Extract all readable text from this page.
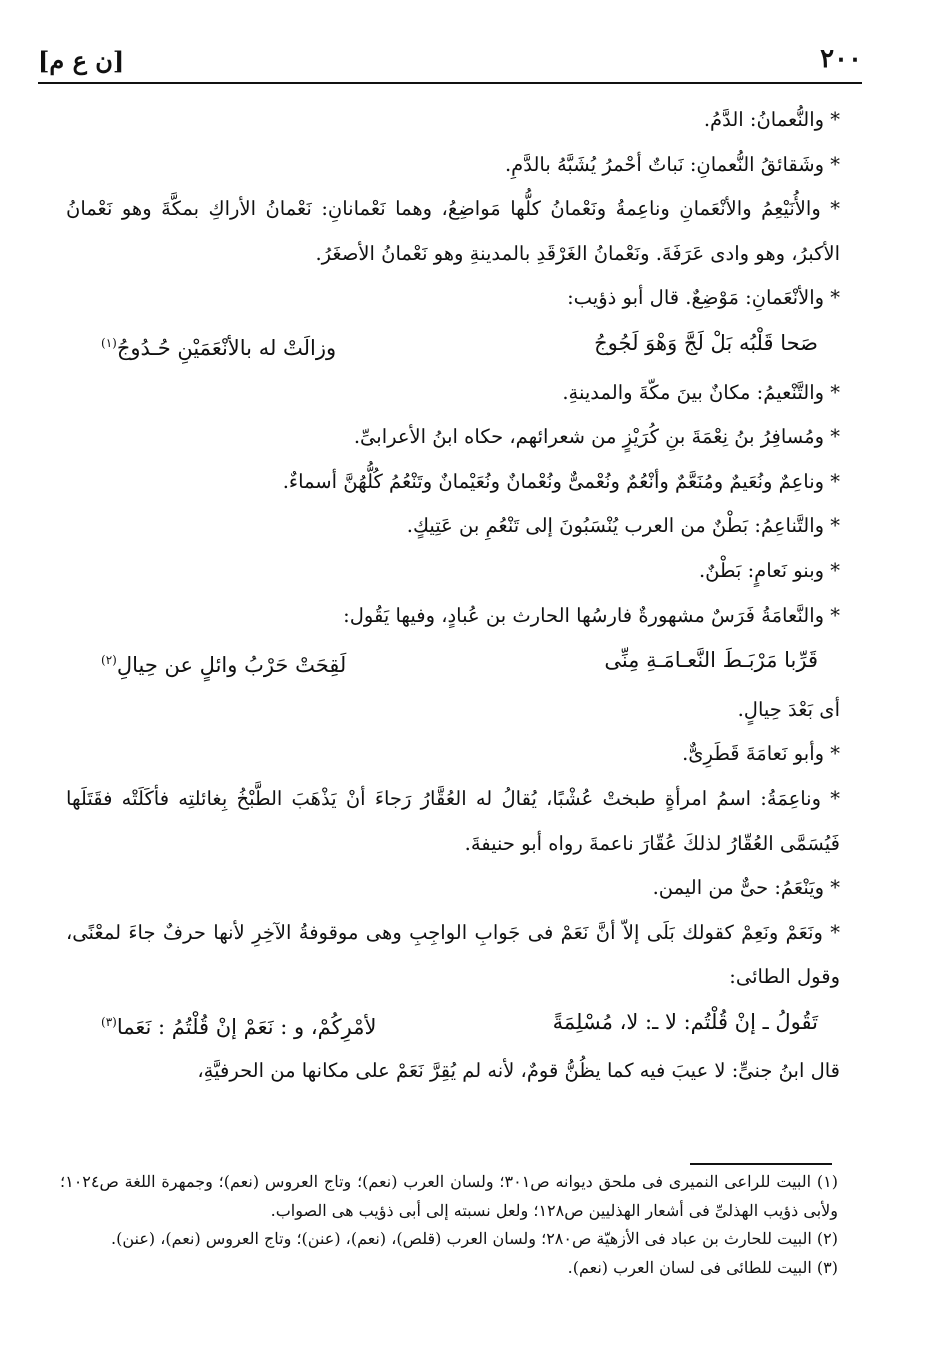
٢٠٠
[ن ع م]

* والنُّعمانُ: الدَّمُ.

* وشَقائقُ النُّعمانِ: نَباتٌ أحْمرُ يُشَبَّهُ بالدَّمِ.

* والأُنَيْعِمُ والأنْعَمانِ وناعِمةُ ونَعْمانُ كلُّها مَواضِعُ، وهما نَعْمانانِ: نَعْمانُ الأراكِ بمكَّةَ وهو نَعْمانُ الأكبرُ، وهو وادى عَرَفَةَ. ونَعْمانُ الغَرْقَدِ بالمدينةِ وهو نَعْمانُ الأصغَرُ.

* والأنْعَمانِ: مَوْضِعٌ. قال أبو ذؤيب:

صَحا قَلْبُه بَلْ لَجَّ وَهْوَ لَجُوجُ
وزالَتْ له بالأنْعَمَيْنِ حُـدُوجُ$^{(١)}$

* والتَّنْعيمُ: مكانٌ بينَ مكّةَ والمدينةِ.

* ومُسافِرُ بنُ نِعْمَةَ بنِ كُرَيْزٍ من شعرائهم، حكاه ابنُ الأعرابىِّ.

* وناعِمٌ ونُعَيمٌ ومُنَعَّمٌ وأنْعُمٌ ونُعْمىٌّ ونُعْمانٌ ونُعَيْمانٌ وتَنْعُمُ كُلُّهُنَّ أسماءٌ.

* والتَّناعِمُ: بَطْنٌ من العرب يُنْسَبُونَ إلى تَنْعُمِ بن عَتِيكٍ.

* وبنو نَعامٍ: بَطْنٌ.

* والنَّعامَةُ فَرَسٌ مشهورةٌ فارسُها الحارث بن عُبادٍ، وفيها يَقُول:

قَرِّبا مَرْبَـطَ النَّعـامَـةِ مِنِّى
لَقِحَتْ حَرْبُ وائلٍ عن حِيالِ$^{(٢)}$

أى بَعْدَ حِيالٍ.

* وأبو نَعامَةَ قَطَرِىٌّ.

* وناعِمَةُ: اسمُ امرأةٍ طبختْ عُشْبًا، يُقالُ له العُقَّارُ رَجاءَ أنْ يَذْهَبَ الطَّبْخُ بِغائلتِه فأكَلَتْه فقَتَلَها فَيُسَمَّى العُقّارُ لذلكَ عُقّارَ ناعمةَ رواه أبو حنيفةَ.

* ويَنْعَمُ: حىٌّ من اليمن.

* ونَعَمْ ونَعِمْ كقولك بَلَى إلاّ أنَّ نَعَمْ فى جَوابِ الواجِبِ وهى موقوفةُ الآخِرِ لأنها حرفٌ جاءَ لمعْنًى، وقول الطائى:

تَقُولُ ـ إنْ قُلْتُم: لا ـ: لا، مُسْلِمَةً
لأمْرِكُمْ، و : نَعَمْ إنْ قُلْتُمُ : نَعَما$^{(٣)}$

قال ابنُ جنىٍّ: لا عيبَ فيه كما يظُنُّ قومٌ، لأنه لم يُقِرَّ نَعَمْ على مكانها من الحرفيَّةِ،

(١) البيت للراعى النميرى فى ملحق ديوانه ص٣٠١؛ ولسان العرب (نعم)؛ وتاج العروس (نعم)؛ وجمهرة اللغة ص١٠٢٤؛ ولأبى ذؤيب الهذلىِّ فى أشعار الهذليين ص١٢٨؛ ولعل نسبته إلى أبى ذؤيب هى الصواب.

(٢) البيت للحارث بن عباد فى الأزهيّة ص٢٨٠؛ ولسان العرب (قلص)، (نعم)، (عنن)؛ وتاج العروس (نعم)، (عنن).

(٣) البيت للطائى فى لسان العرب (نعم).
